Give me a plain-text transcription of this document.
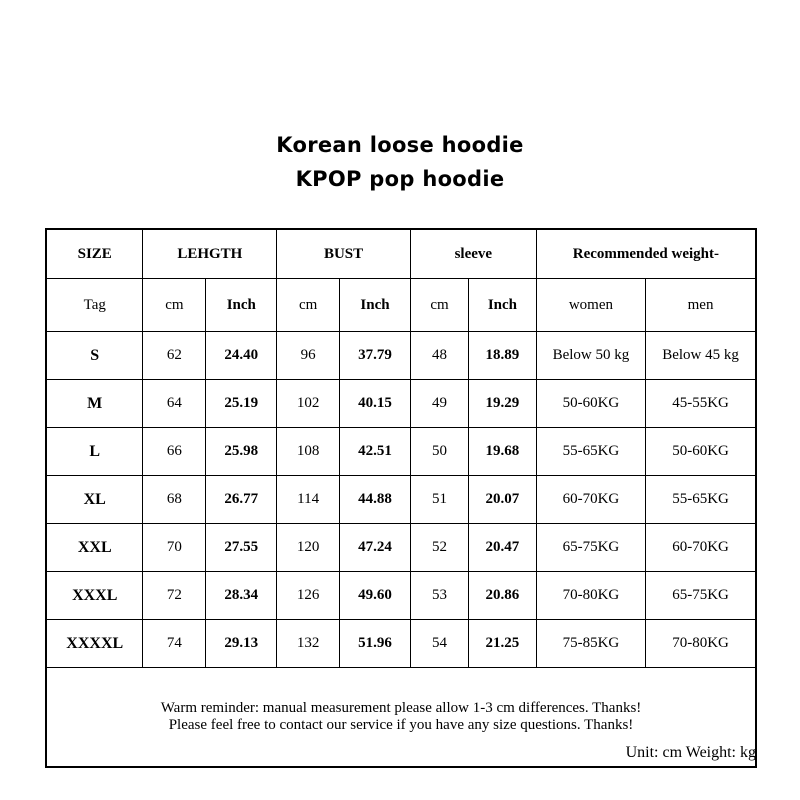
Korean loose hoodie
KPOP pop hoodie
SIZE	LEHGTH		BUST		sleeve		Recommended weight-	
Tag	cm	Inch	cm	Inch	cm	Inch	women	men
S	62	24.40	96	37.79	48	18.89	Below 50 kg	Below 45 kg
M	64	25.19	102	40.15	49	19.29	50-60KG	45-55KG
L	66	25.98	108	42.51	50	19.68	55-65KG	50-60KG
XL	68	26.77	114	44.88	51	20.07	60-70KG	55-65KG
XXL	70	27.55	120	47.24	52	20.47	65-75KG	60-70KG
XXXL	72	28.34	126	49.60	53	20.86	70-80KG	65-75KG
XXXXL	74	29.13	132	51.96	54	21.25	75-85KG	70-80KG

Warm reminder: manual measurement please allow 1-3 cm differences. Thanks!
Please feel free to contact our service if you have any size questions. Thanks!								
Unit: cm Weight: kg
